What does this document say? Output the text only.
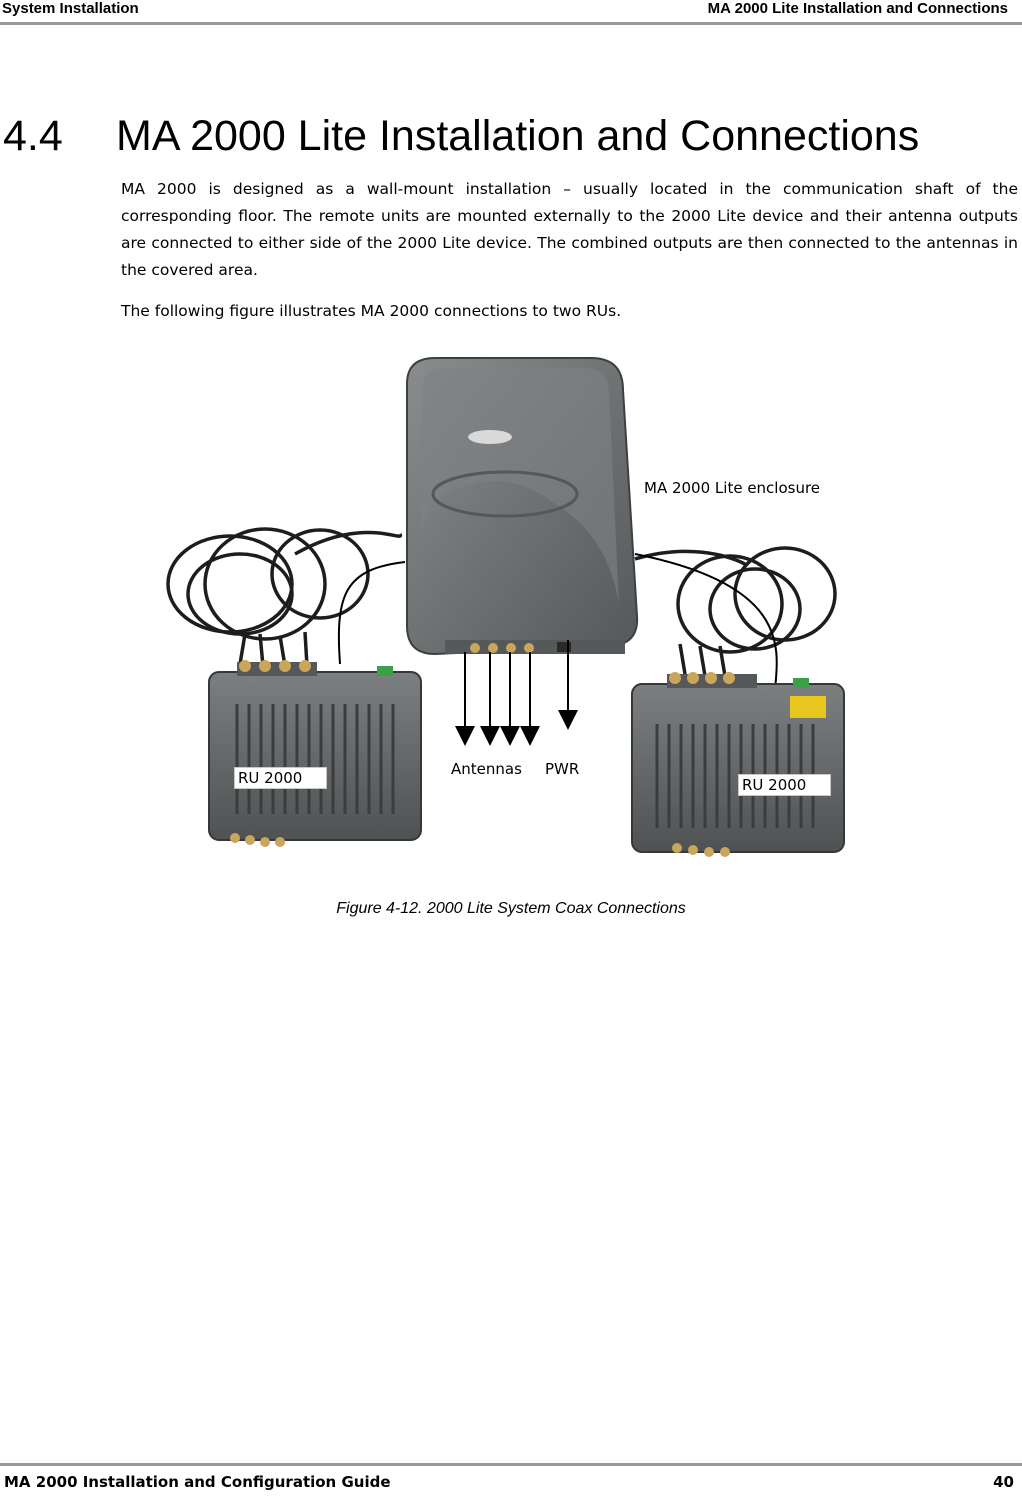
System Installation	MA 2000 Lite Installation and Connections
4.4 MA 2000 Lite Installation and Connections

MA 2000 is designed as a wall-mount installation – usually located in the communication shaft of the corresponding floor. The remote units are mounted externally to the 2000 Lite device and their antenna outputs are connected to either side of the 2000 Lite device. The combined outputs are then connected to the antennas in the covered area.

The following figure illustrates MA 2000 connections to two RUs.

MA 2000 Lite enclosure
Antennas PWR
RU 2000	RU 2000
Figure 4-12. 2000 Lite System Coax Connections
MA 2000 Installation and Configuration Guide	40
